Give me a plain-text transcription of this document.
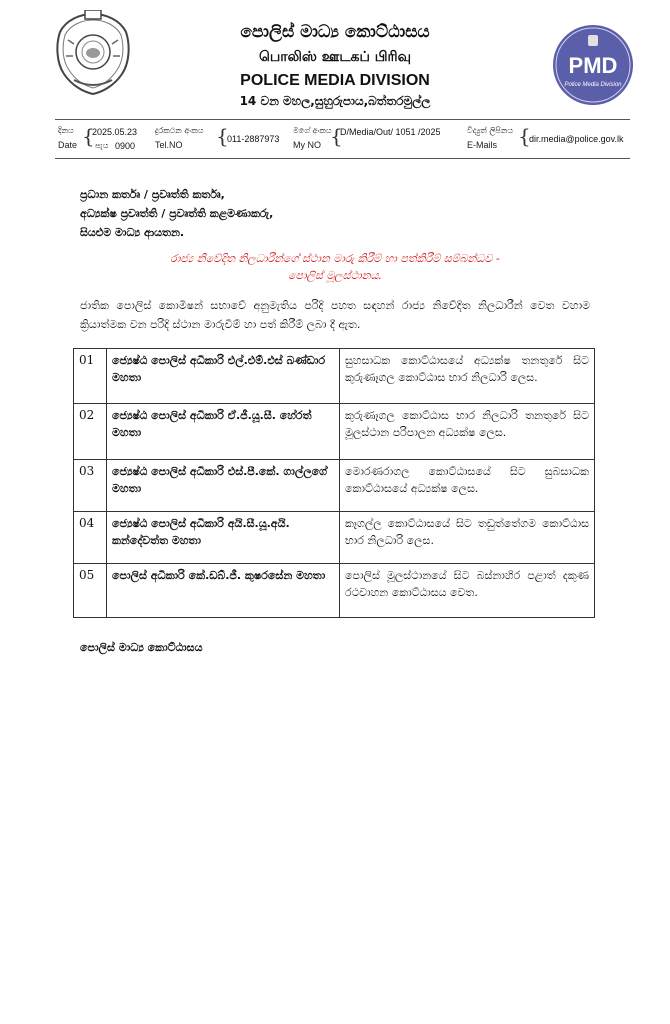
පොලිස් මාධ්‍ය කොට්ඨාසය
பொலிஸ் ஊடகப் பிரிவு
POLICE MEDIA DIVISION
14 වන මහල,සුහුරුපාය,බත්තරමුල්ල
PMD
Police Media Division
දිනය
Date {
2025.05.23
පැය 0900
දුරකථන අංකය
Tel.NO {
011-2887973
මගේ අංකය
My NO {
D/Media/Out/ 1051 /2025	විද්‍යුත් ලිපිනය
E-Mails {
dir.media@police.gov.lk
ප්‍රධාන කර්තෘ / ප්‍රවෘත්ති කර්තෘ,
අධ්‍යක්ෂ ප්‍රවෘත්ති / ප්‍රවෘත්ති කළමණාකරු,
සියළුම මාධ්‍ය ආයතන.
රාජ්‍ය නිවේදිත නිලධාරීන්ගේ ස්ථාන මාරු කිරීම් හා පත්කිරීම් සම්බන්ධව -
පොලිස් මූලස්ථානය.
ජාතික පොලිස් කොමිෂන් සභාවේ අනුමැතිය පරිදි පහත සඳහන් රාජ්‍ය නිවේදිත නිලධාරීන් වෙත වහාම ක්‍රියාත්මක වන පරිදි ස්ථාන මාරුවීම් හා පත් කිරීම් ලබා දී ඇත.
01	ජ්‍යෙෂ්ඨ පොලිස් අධිකාරි එල්.එම්.එස් බණ්ඩාර මහතා	සුහසාධක කොට්ඨාසයේ අධ්‍යක්ෂ තනතුරේ සිට කුරුණෑගල කොට්ඨාස භාර නිලධාරි ලෙස.
02	ජ්‍යෙෂ්ඨ පොලිස් අධිකාරි ඒ.ජී.යූ.සී. හේරත් මහතා	කුරුණෑගල කොට්ඨාස භාර නිලධාරි තනතුරේ සිට මූලස්ථාන පරිපාලන අධ්‍යක්ෂ ලෙස.
03	ජ්‍යෙෂ්ඨ පොලිස් අධිකාරි එස්.පී.කේ. ගාල්ලගේ මහතා	මොරණරාගල කොට්ඨාසයේ සිට සුබසාධක කොට්ඨාසයේ අධ්‍යක්ෂ ලෙස.
04	ජ්‍යෙෂ්ඨ පොලිස් අධිකාරි අයි.සී.යූ.අයි. කන්දේවත්ත මහතා	කෑගල්ල කොට්ඨාසයේ සිට තඩුත්තේගම කොට්ඨාස භාර නිලධාරි ලෙස.
05	පොලිස් අධිකාරි කේ.ඩබ්.ජී. කුෂරසේන මහතා	පොලිස් මූලස්ථානයේ සිට බස්නාහිර පළාත් දකුණ රථවාහන කොට්ඨාසය වෙත.
පොලිස් මාධ්‍ය කොට්ඨාසය
